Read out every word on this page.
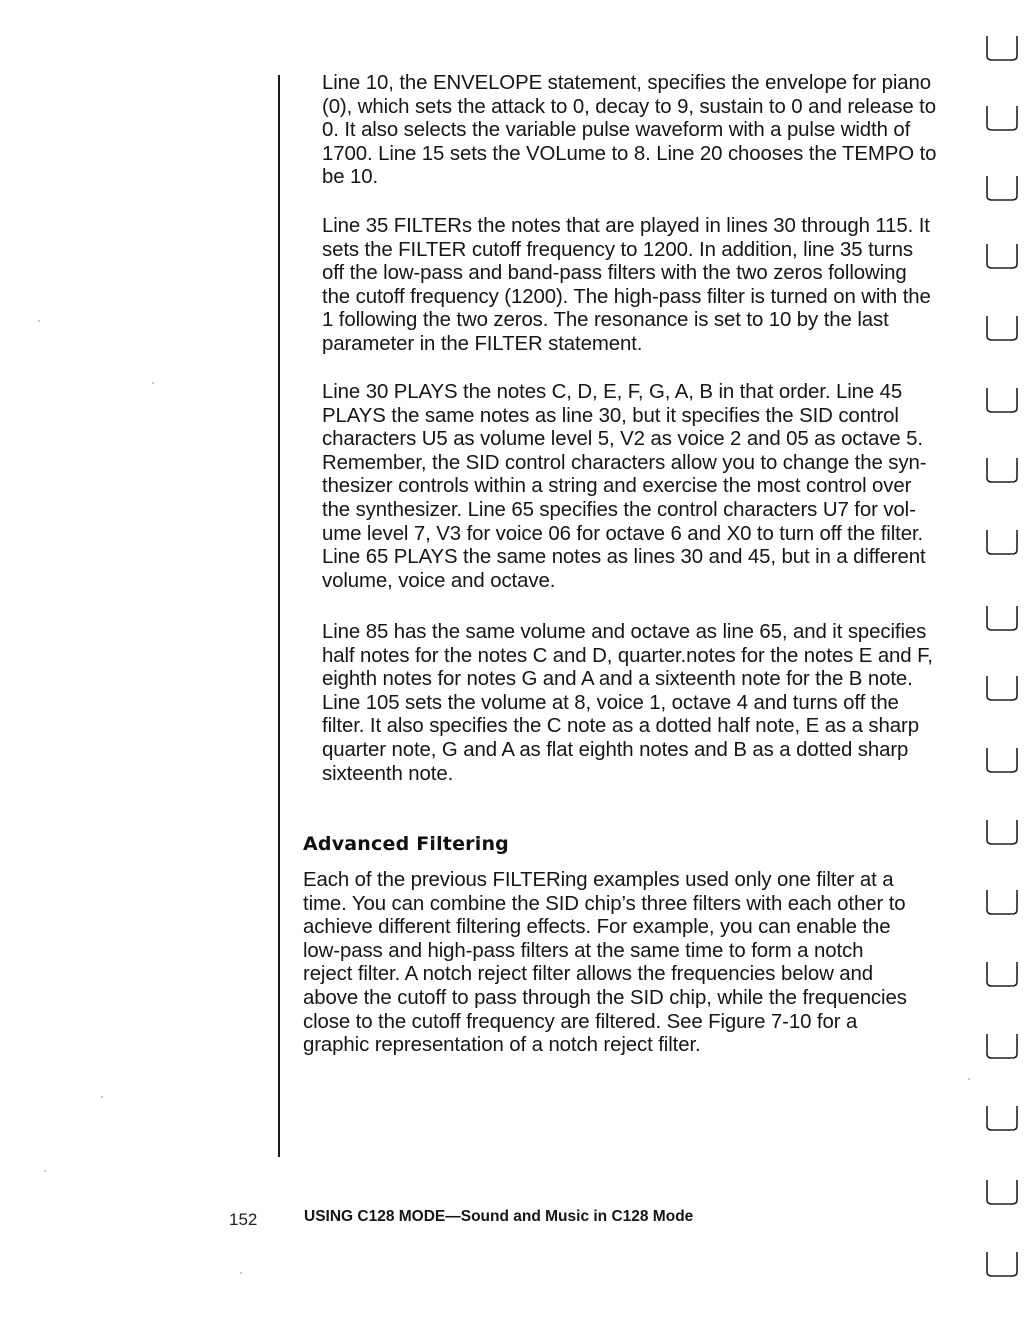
Line 10, the ENVELOPE statement, specifies the envelope for piano
(0), which sets the attack to 0, decay to 9, sustain to 0 and release to
0. It also selects the variable pulse waveform with a pulse width of
1700. Line 15 sets the VOLume to 8. Line 20 chooses the TEMPO to
be 10.
Line 35 FILTERs the notes that are played in lines 30 through 115. It
sets the FILTER cutoff frequency to 1200. In addition, line 35 turns
off the low-pass and band-pass filters with the two zeros following
the cutoff frequency (1200). The high-pass filter is turned on with the
1 following the two zeros. The resonance is set to 10 by the last
parameter in the FILTER statement.
Line 30 PLAYS the notes C, D, E, F, G, A, B in that order. Line 45
PLAYS the same notes as line 30, but it specifies the SID control
characters U5 as volume level 5, V2 as voice 2 and 05 as octave 5.
Remember, the SID control characters allow you to change the syn-
thesizer controls within a string and exercise the most control over
the synthesizer. Line 65 specifies the control characters U7 for vol-
ume level 7, V3 for voice 06 for octave 6 and X0 to turn off the filter.
Line 65 PLAYS the same notes as lines 30 and 45, but in a different
volume, voice and octave.
Line 85 has the same volume and octave as line 65, and it specifies
half notes for the notes C and D, quarter.notes for the notes E and F,
eighth notes for notes G and A and a sixteenth note for the B note.
Line 105 sets the volume at 8, voice 1, octave 4 and turns off the
filter. It also specifies the C note as a dotted half note, E as a sharp
quarter note, G and A as flat eighth notes and B as a dotted sharp
sixteenth note.
Advanced Filtering
Each of the previous FILTERing examples used only one filter at a
time. You can combine the SID chip’s three filters with each other to
achieve different filtering effects. For example, you can enable the
low-pass and high-pass filters at the same time to form a notch
reject filter. A notch reject filter allows the frequencies below and
above the cutoff to pass through the SID chip, while the frequencies
close to the cutoff frequency are filtered. See Figure 7-10 for a
graphic representation of a notch reject filter.
152	USING C128 MODE—Sound and Music in C128 Mode
